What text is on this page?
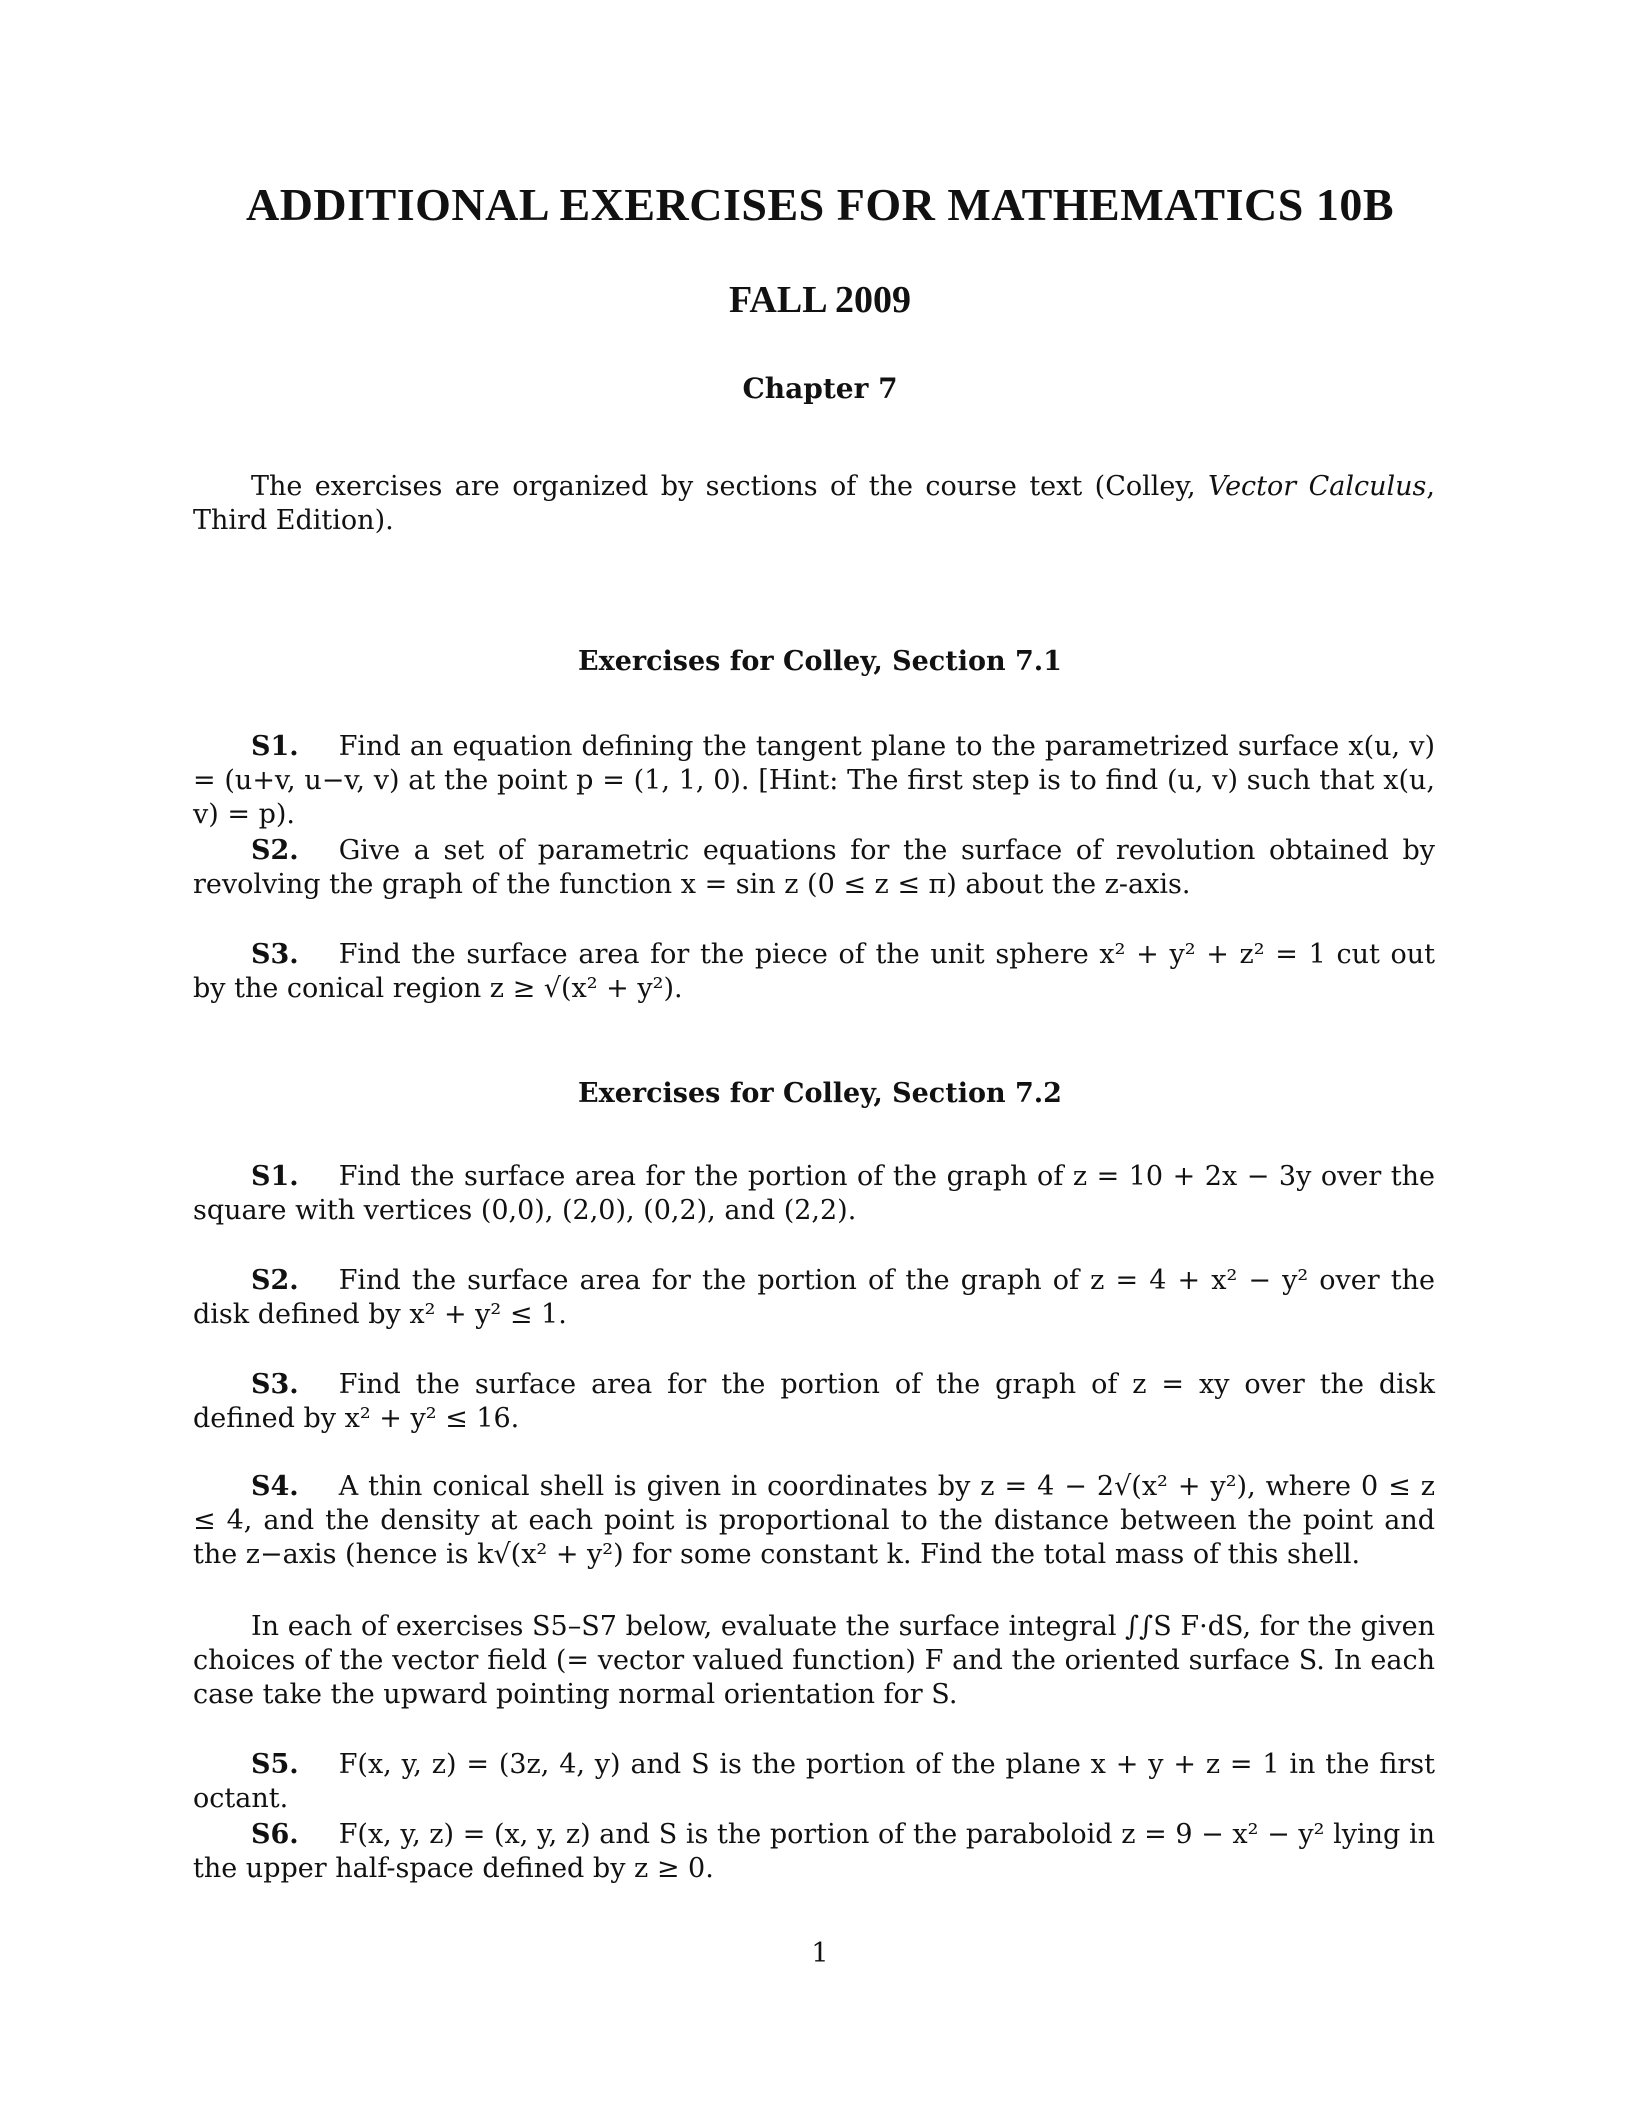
ADDITIONAL EXERCISES FOR MATHEMATICS 10B
FALL 2009
Chapter 7
The exercises are organized by sections of the course text (Colley, Vector Calculus, Third Edition).
Exercises for Colley, Section 7.1
S1. Find an equation defining the tangent plane to the parametrized surface x(u, v) = (u+v, u−v, v) at the point p = (1, 1, 0). [Hint: The first step is to find (u, v) such that x(u, v) = p).
S2. Give a set of parametric equations for the surface of revolution obtained by revolving the graph of the function x = sin z (0 ≤ z ≤ π) about the z-axis.
S3. Find the surface area for the piece of the unit sphere x² + y² + z² = 1 cut out by the conical region z ≥ √(x² + y²).
Exercises for Colley, Section 7.2
S1. Find the surface area for the portion of the graph of z = 10 + 2x − 3y over the square with vertices (0,0), (2,0), (0,2), and (2,2).
S2. Find the surface area for the portion of the graph of z = 4 + x² − y² over the disk defined by x² + y² ≤ 1.
S3. Find the surface area for the portion of the graph of z = xy over the disk defined by x² + y² ≤ 16.
S4. A thin conical shell is given in coordinates by z = 4 − 2√(x² + y²), where 0 ≤ z ≤ 4, and the density at each point is proportional to the distance between the point and the z−axis (hence is k√(x² + y²) for some constant k. Find the total mass of this shell.
In each of exercises S5–S7 below, evaluate the surface integral ∫∫S F·dS, for the given choices of the vector field (= vector valued function) F and the oriented surface S. In each case take the upward pointing normal orientation for S.
S5. F(x, y, z) = (3z, 4, y) and S is the portion of the plane x + y + z = 1 in the first octant.
S6. F(x, y, z) = (x, y, z) and S is the portion of the paraboloid z = 9 − x² − y² lying in the upper half-space defined by z ≥ 0.
1
